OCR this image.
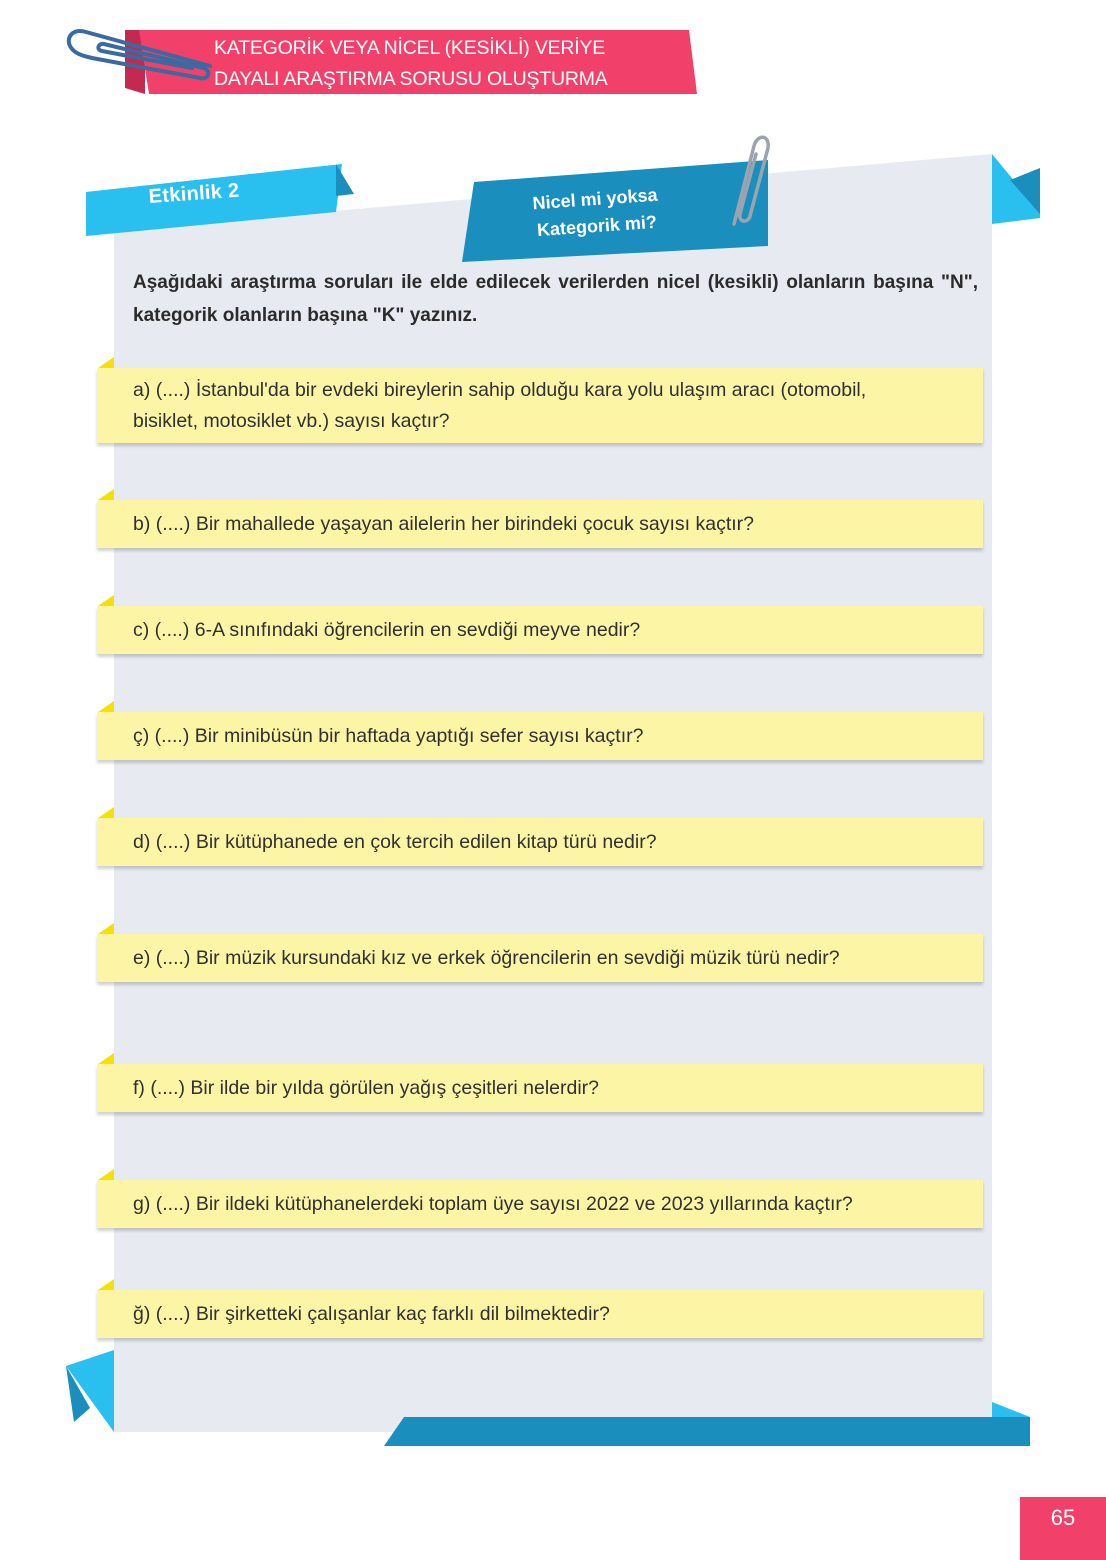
KATEGORİK VEYA NİCEL (KESİKLİ) VERİYE
DAYALI ARAŞTIRMA SORUSU OLUŞTURMA
Etkinlik 2	Nicel mi yoksa
Kategorik mi?
Aşağıdaki araştırma soruları ile elde edilecek verilerden nicel (kesikli) olanların başına "N", kategorik olanların başına "K" yazınız.
a) (....) İstanbul'da bir evdeki bireylerin sahip olduğu kara yolu ulaşım aracı (otomobil,
bisiklet, motosiklet vb.) sayısı kaçtır?
b) (....) Bir mahallede yaşayan ailelerin her birindeki çocuk sayısı kaçtır?
c) (....) 6-A sınıfındaki öğrencilerin en sevdiği meyve nedir?
ç) (....) Bir minibüsün bir haftada yaptığı sefer sayısı kaçtır?
d) (....) Bir kütüphanede en çok tercih edilen kitap türü nedir?
e) (....) Bir müzik kursundaki kız ve erkek öğrencilerin en sevdiği müzik türü nedir?
f) (....) Bir ilde bir yılda görülen yağış çeşitleri nelerdir?
g) (....) Bir ildeki kütüphanelerdeki toplam üye sayısı 2022 ve 2023 yıllarında kaçtır?
ğ) (....) Bir şirketteki çalışanlar kaç farklı dil bilmektedir?
65
